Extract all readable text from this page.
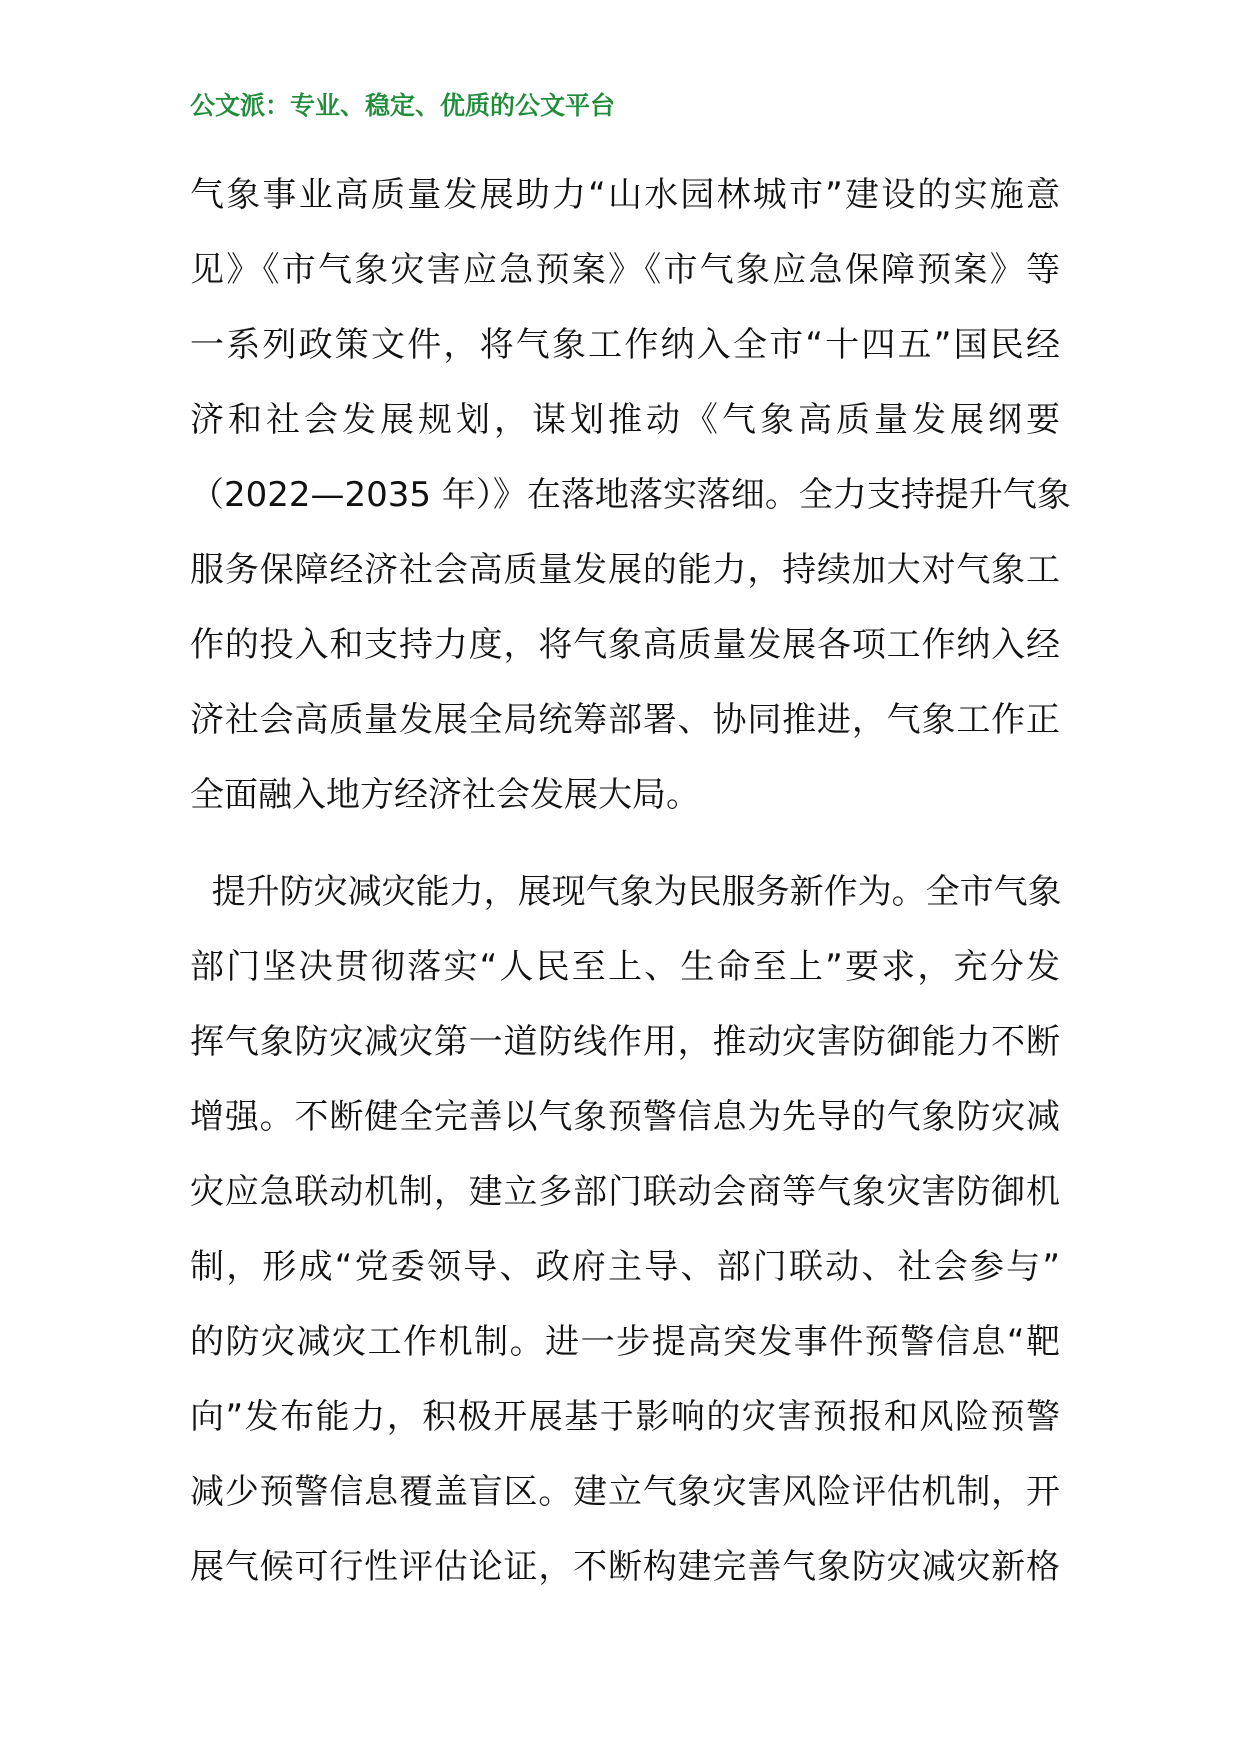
公文派：专业、稳定、优质的公文平台
气象事业高质量发展助力“山水园林城市”建设的实施意
见》《市气象灾害应急预案》《市气象应急保障预案》等
一系列政策文件，将气象工作纳入全市“十四五”国民经
济和社会发展规划，谋划推动《气象高质量发展纲要
（2022—2035 年）》在落地落实落细。全力支持提升气象
服务保障经济社会高质量发展的能力，持续加大对气象工
作的投入和支持力度，将气象高质量发展各项工作纳入经
济社会高质量发展全局统筹部署、协同推进，气象工作正
全面融入地方经济社会发展大局。
提升防灾减灾能力，展现气象为民服务新作为。全市气象
部门坚决贯彻落实“人民至上、生命至上”要求，充分发
挥气象防灾减灾第一道防线作用，推动灾害防御能力不断
增强。不断健全完善以气象预警信息为先导的气象防灾减
灾应急联动机制，建立多部门联动会商等气象灾害防御机
制，形成“党委领导、政府主导、部门联动、社会参与”
的防灾减灾工作机制。进一步提高突发事件预警信息“靶
向”发布能力，积极开展基于影响的灾害预报和风险预警
减少预警信息覆盖盲区。建立气象灾害风险评估机制，开
展气候可行性评估论证，不断构建完善气象防灾减灾新格
